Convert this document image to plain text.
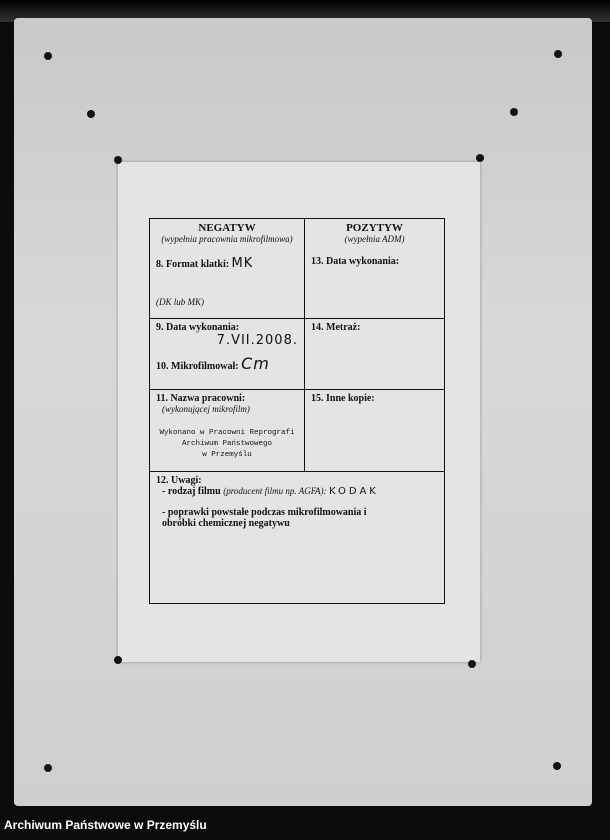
NEGATYW
(wypełnia pracownia mikrofilmowa)
8. Format klatki: MK
(DK lub MK)
POZYTYW
(wypełnia ADM)
13. Data wykonania:
9. Data wykonania:
7.VII.2008.
10. Mikrofilmował: Cm
14. Metraż:
11. Nazwa pracowni:
(wykonującej mikrofilm)
Wykonano w Pracowni Reprografi
Archiwum Państwowego
w Przemyślu
15. Inne kopie:
12. Uwagi:
- rodzaj filmu (producent filmu np. AGFA): KODAK
- poprawki powstałe podczas mikrofilmowania i obróbki chemicznej negatywu
Archiwum Państwowe w Przemyślu
